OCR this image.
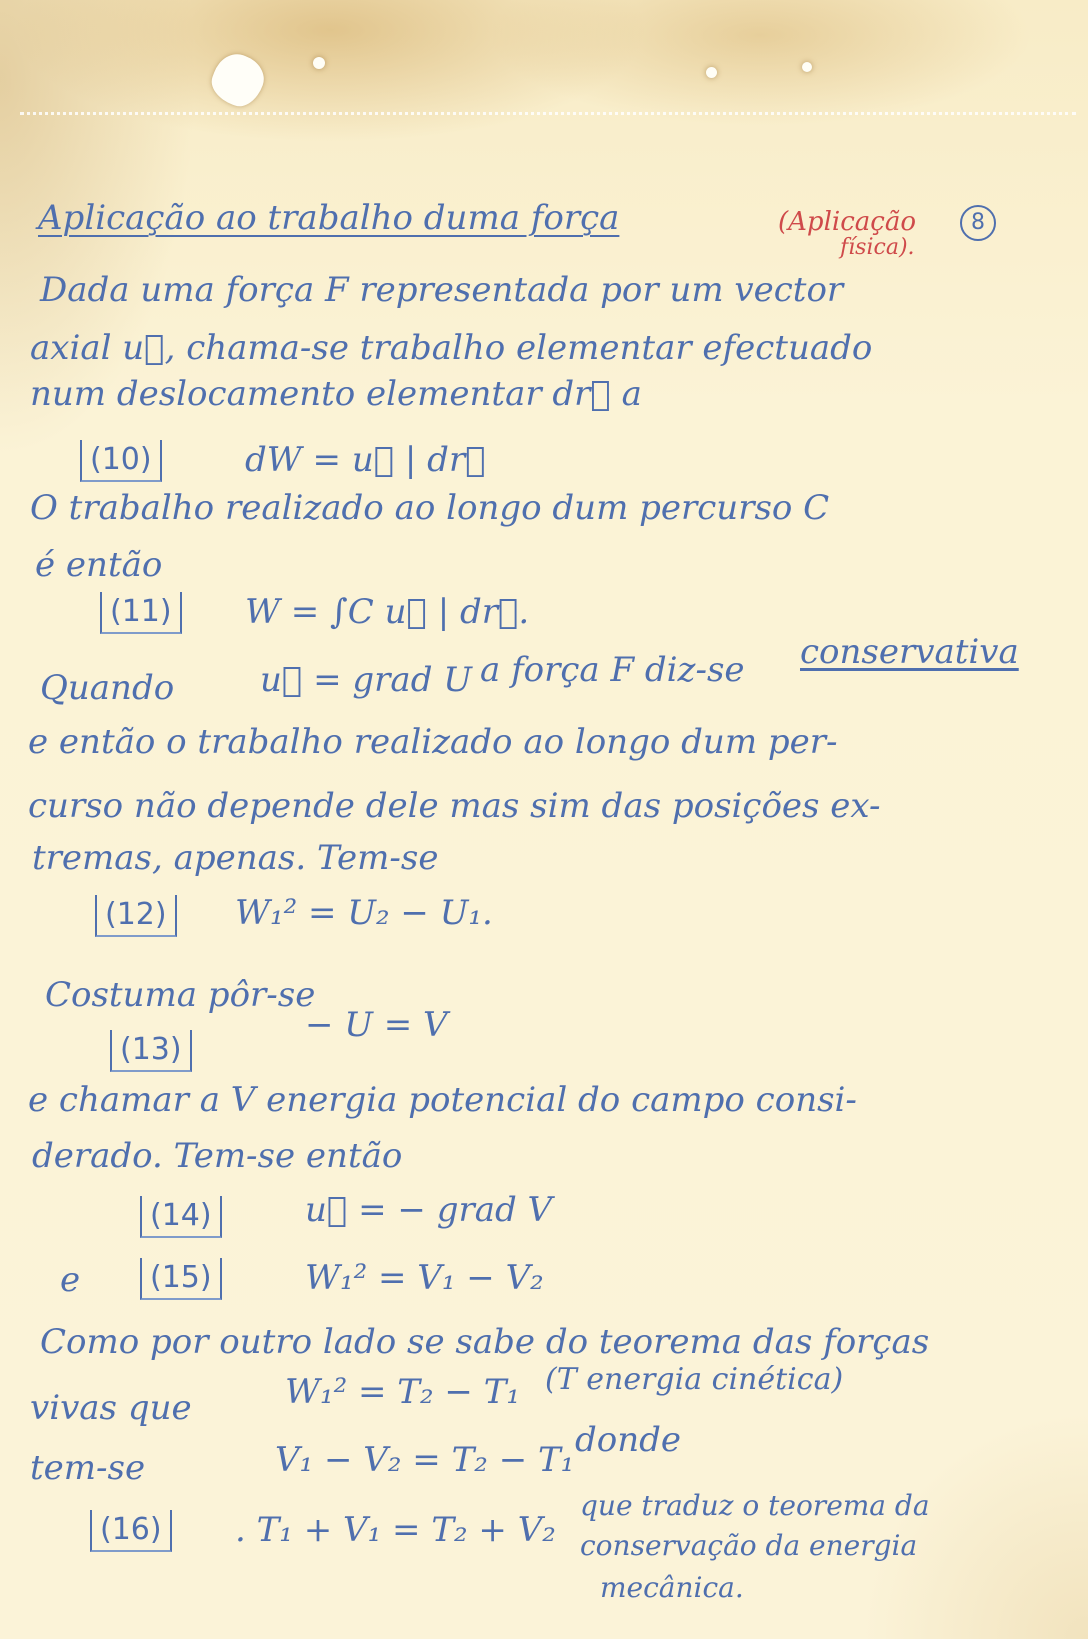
Aplicação ao trabalho duma força	(Aplicação
física).
8
Dada uma força F representada por um vector
axial u⃗, chama-se trabalho elementar efectuado
num deslocamento elementar dr⃗ a
(10)	dW = u⃗ | dr⃗
O trabalho realizado ao longo dum percurso C
é então
(11) W = ∫C u⃗ | dr⃗.
Quando	u⃗ = grad U a força F diz-se conservativa
e então o trabalho realizado ao longo dum per-
curso não depende dele mas sim das posições ex-
tremas, apenas. Tem-se
(12) W₁² = U₂ − U₁.
Costuma pôr-se
(13)
− U = V
e chamar a V energia potencial do campo consi-
derado. Tem-se então
(14)	u⃗ = − grad V
e	(15)	W₁² = V₁ − V₂
Como por outro lado se sabe do teorema das forças
vivas que	W₁² = T₂ − T₁ (T energia cinética)
tem-se	V₁ − V₂ = T₂ − T₁ donde
(16) . T₁ + V₁ = T₂ + V₂
que traduz o teorema da
conservação da energia
mecânica.
